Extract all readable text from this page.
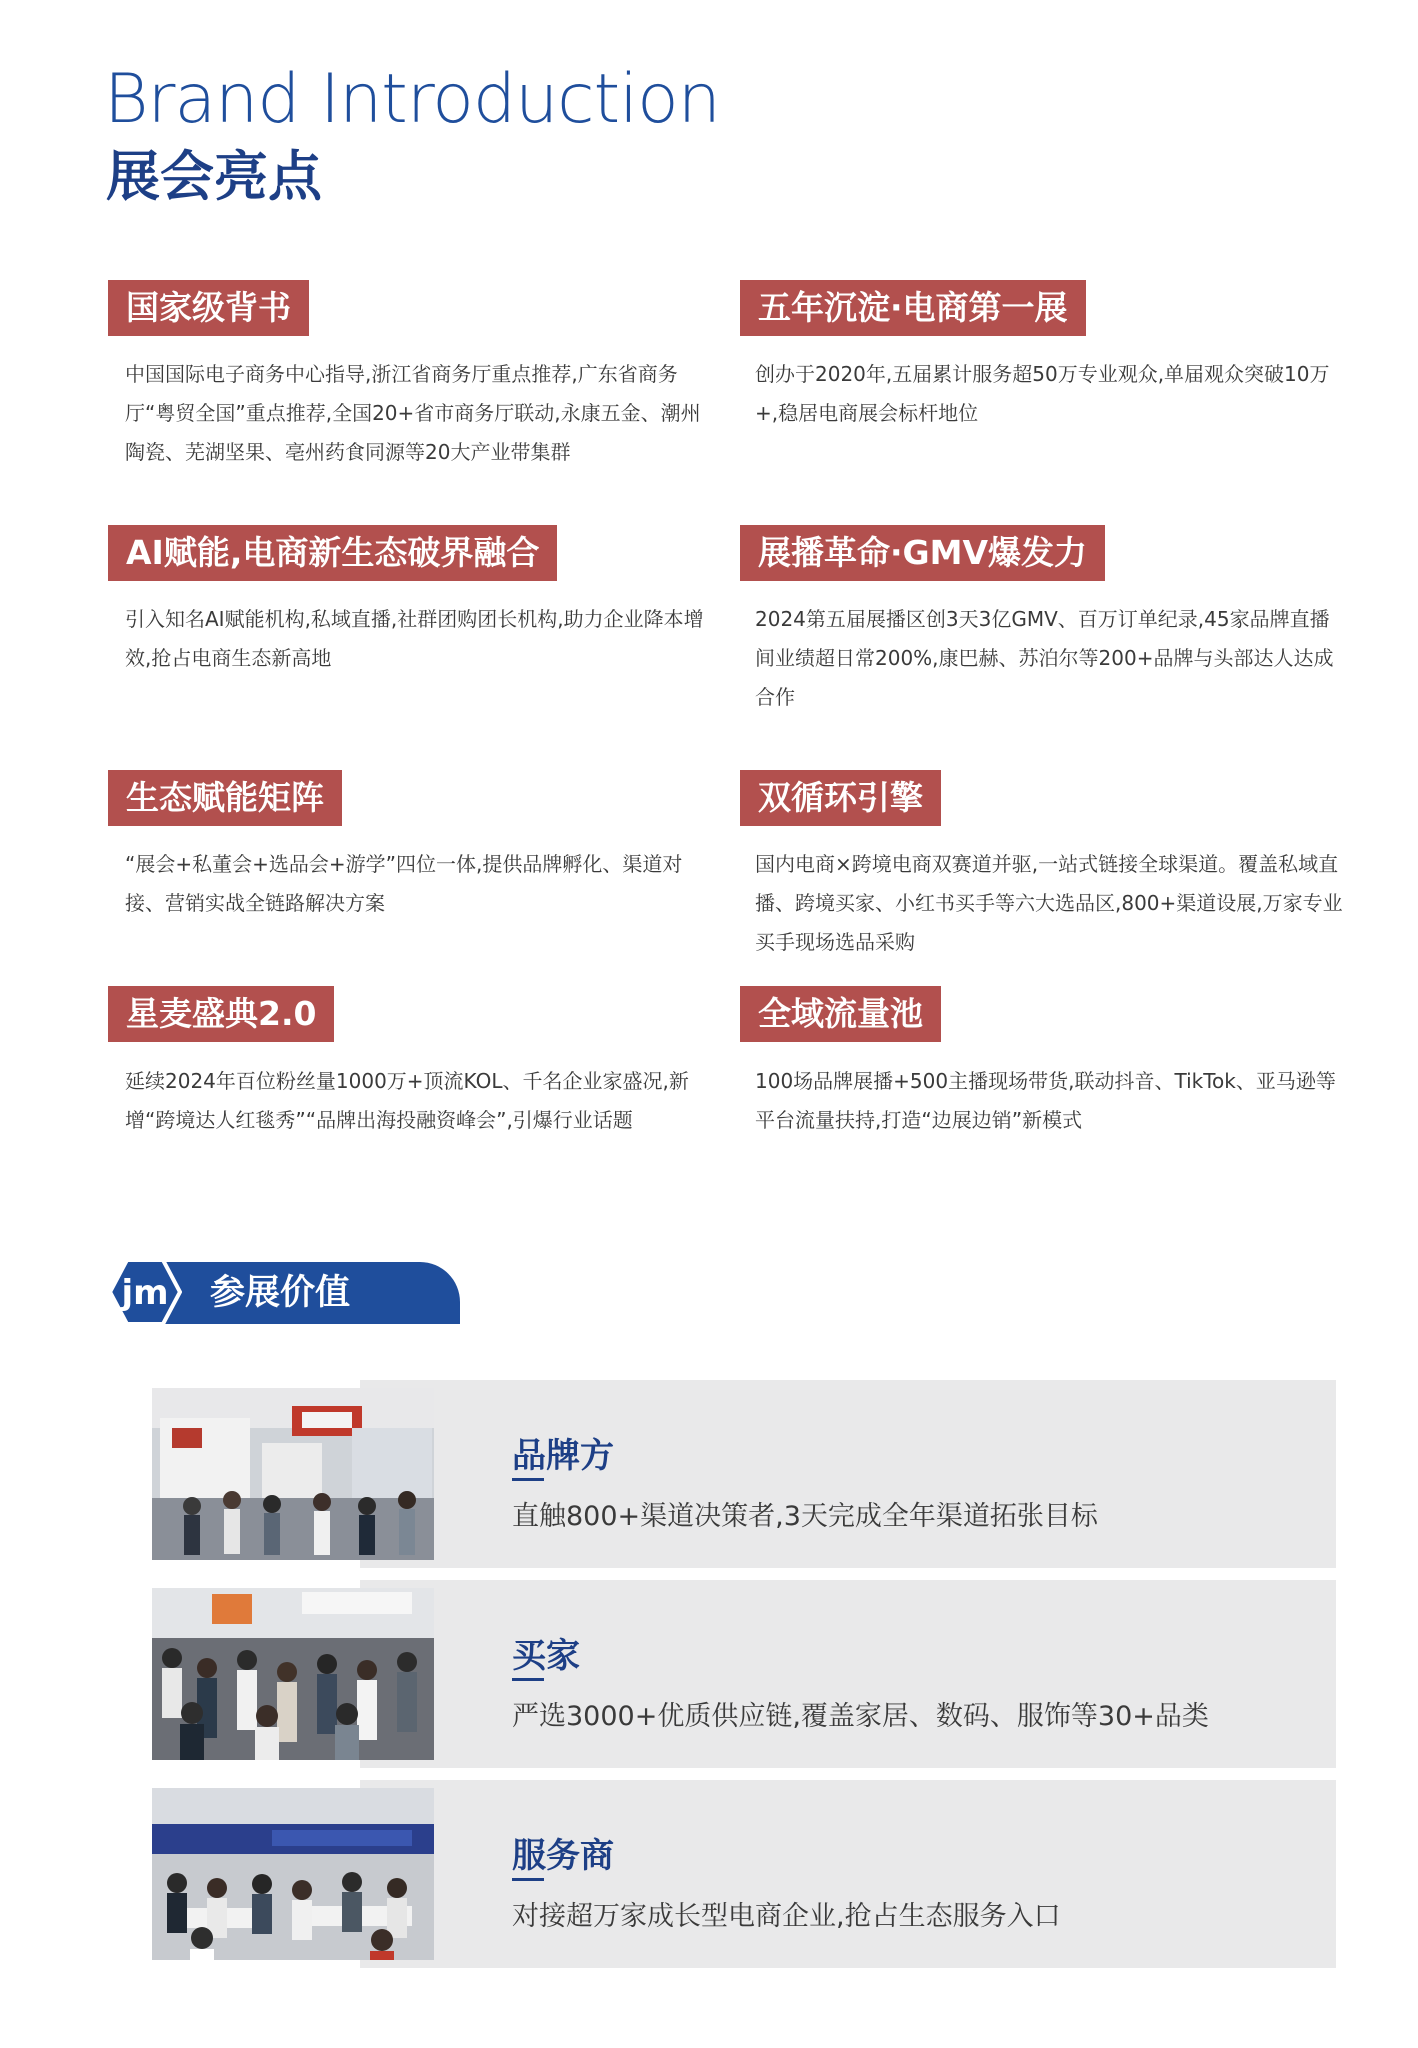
Brand Introduction
展会亮点
国家级背书

中国国际电子商务中心指导,浙江省商务厅重点推荐,广东省商务厅“粤贸全国”重点推荐,全国20+省市商务厅联动,永康五金、潮州陶瓷、芜湖坚果、亳州药食同源等20大产业带集群

五年沉淀·电商第一展

创办于2020年,五届累计服务超50万专业观众,单届观众突破10万+,稳居电商展会标杆地位

AI赋能,电商新生态破界融合

引入知名AI赋能机构,私域直播,社群团购团长机构,助力企业降本增效,抢占电商生态新高地

展播革命·GMV爆发力

2024第五届展播区创3天3亿GMV、百万订单纪录,45家品牌直播间业绩超日常200%,康巴赫、苏泊尔等200+品牌与头部达人达成合作

生态赋能矩阵

“展会+私董会+选品会+游学”四位一体,提供品牌孵化、渠道对接、营销实战全链路解决方案

双循环引擎

国内电商×跨境电商双赛道并驱,一站式链接全球渠道。覆盖私域直播、跨境买家、小红书买手等六大选品区,800+渠道设展,万家专业买手现场选品采购

星麦盛典2.0

延续2024年百位粉丝量1000万+顶流KOL、千名企业家盛况,新增“跨境达人红毯秀”“品牌出海投融资峰会”,引爆行业话题

全域流量池

100场品牌展播+500主播现场带货,联动抖音、TikTok、亚马逊等平台流量扶持,打造“边展边销”新模式

jm 参展价值
品牌方
直触800+渠道决策者,3天完成全年渠道拓张目标
买家
严选3000+优质供应链,覆盖家居、数码、服饰等30+品类
服务商
对接超万家成长型电商企业,抢占生态服务入口
